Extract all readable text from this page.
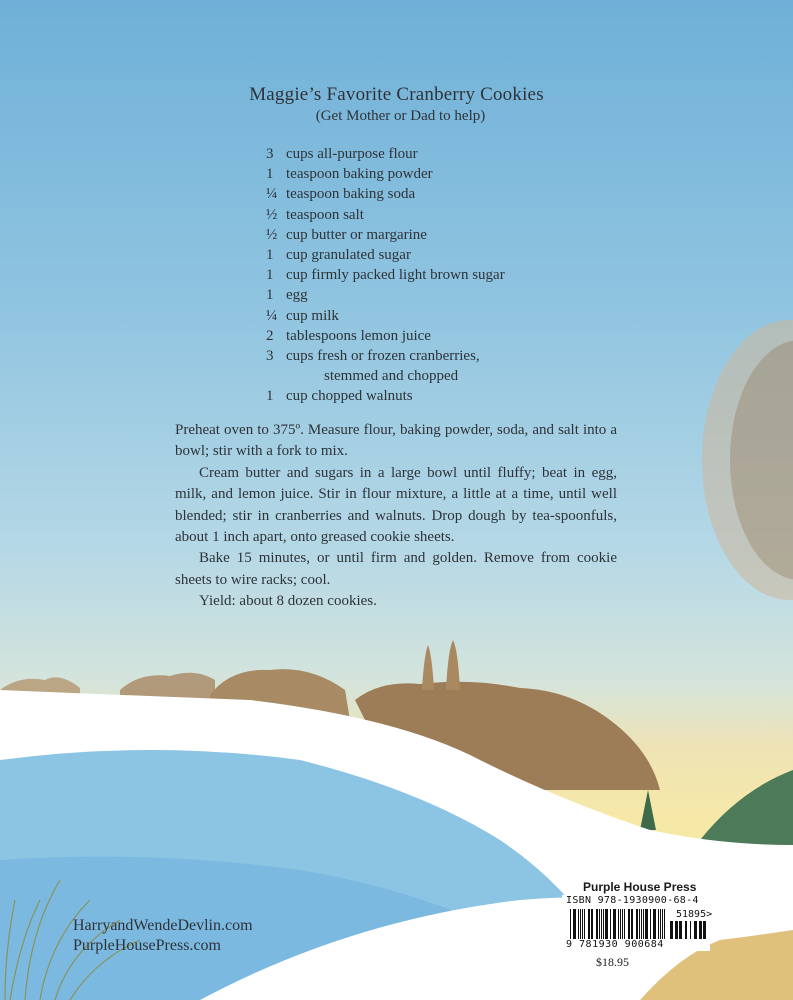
Maggie’s Favorite Cranberry Cookies
(Get Mother or Dad to help)
3 cups all-purpose flour
1 teaspoon baking powder
¼ teaspoon baking soda
½ teaspoon salt
½ cup butter or margarine
1 cup granulated sugar
1 cup firmly packed light brown sugar
1 egg
¼ cup milk
2 tablespoons lemon juice
3 cups fresh or frozen cranberries,
stemmed and chopped
1 cup chopped walnuts

Preheat oven to 375º. Measure flour, baking powder, soda, and salt into a bowl; stir with a fork to mix.

Cream butter and sugars in a large bowl until fluffy; beat in egg, milk, and lemon juice. Stir in flour mixture, a little at a time, until well blended; stir in cranberries and walnuts. Drop dough by tea-spoonfuls, about 1 inch apart, onto greased cookie sheets.

Bake 15 minutes, or until firm and golden. Remove from cookie sheets to wire racks; cool.

Yield: about 8 dozen cookies.

HarryandWendeDevlin.com
PurpleHousePress.com
Purple House Press
ISBN 978-1930900-68-4
51895>
9 781930 900684
$18.95
